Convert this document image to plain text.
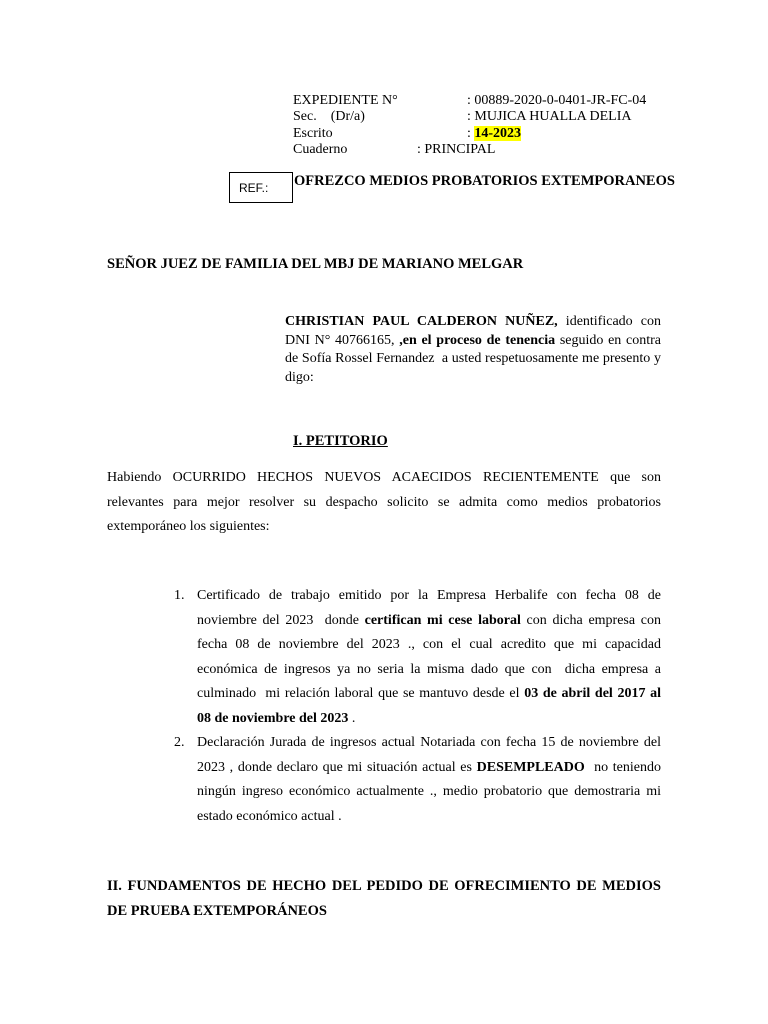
EXPEDIENTE N°	: 00889-2020-0-0401-JR-FC-04
Sec.    (Dr/a)	: MUJICA HUALLA DELIA
Escrito	: 14-2023
Cuaderno	: PRINCIPAL
REF.:	OFREZCO MEDIOS PROBATORIOS EXTEMPORANEOS
SEÑOR JUEZ DE FAMILIA DEL MBJ DE MARIANO MELGAR
CHRISTIAN PAUL CALDERON NUÑEZ, identificado con DNI N° 40766165, ,en el proceso de tenencia seguido en contra de Sofía Rossel Fernandez  a usted respetuosamente me presento y digo:
I. PETITORIO
Habiendo OCURRIDO HECHOS NUEVOS ACAECIDOS RECIENTEMENTE que son relevantes para mejor resolver su despacho solicito se admita como medios probatorios extemporáneo los siguientes:
1. Certificado de trabajo emitido por la Empresa Herbalife con fecha 08 de noviembre del 2023  donde certifican mi cese laboral con dicha empresa con fecha 08 de noviembre del 2023 ., con el cual acredito que mi capacidad económica de ingresos ya no seria la misma dado que con  dicha empresa a culminado  mi relación laboral que se mantuvo desde el 03 de abril del 2017 al 08 de noviembre del 2023 .
2. Declaración Jurada de ingresos actual Notariada con fecha 15 de noviembre del 2023 , donde declaro que mi situación actual es DESEMPLEADO  no teniendo ningún ingreso económico actualmente ., medio probatorio que demostraria mi estado económico actual .
II. FUNDAMENTOS DE HECHO DEL PEDIDO DE OFRECIMIENTO DE MEDIOS DE PRUEBA EXTEMPORÁNEOS
